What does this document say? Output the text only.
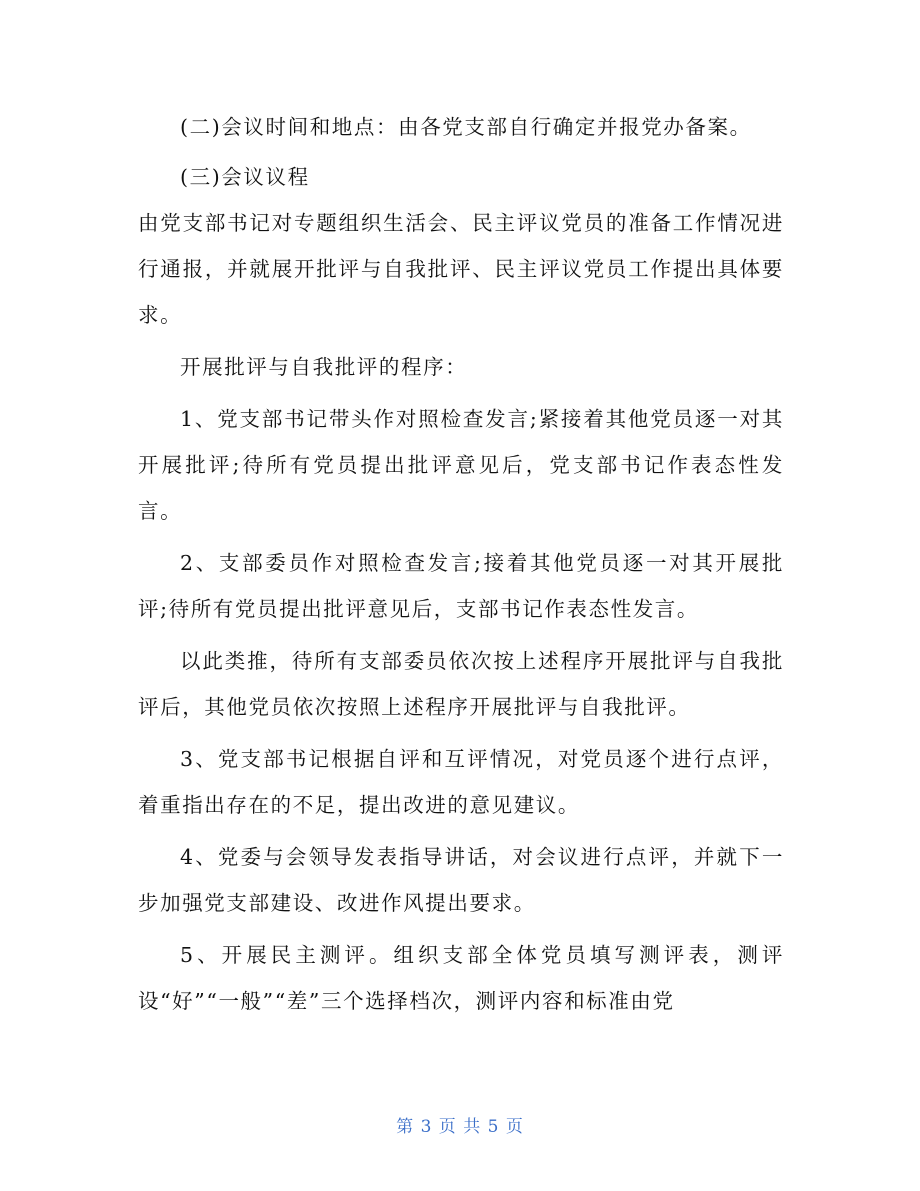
(二)会议时间和地点：由各党支部自行确定并报党办备案。

(三)会议议程

由党支部书记对专题组织生活会、民主评议党员的准备工作情况进行通报，并就展开批评与自我批评、民主评议党员工作提出具体要求。

开展批评与自我批评的程序：

1、党支部书记带头作对照检查发言;紧接着其他党员逐一对其开展批评;待所有党员提出批评意见后，党支部书记作表态性发言。

2、支部委员作对照检查发言;接着其他党员逐一对其开展批评;待所有党员提出批评意见后，支部书记作表态性发言。

以此类推，待所有支部委员依次按上述程序开展批评与自我批评后，其他党员依次按照上述程序开展批评与自我批评。

3、党支部书记根据自评和互评情况，对党员逐个进行点评，着重指出存在的不足，提出改进的意见建议。

4、党委与会领导发表指导讲话，对会议进行点评，并就下一步加强党支部建设、改进作风提出要求。

5、开展民主测评。组织支部全体党员填写测评表，测评设“好”“一般”“差”三个选择档次，测评内容和标准由党

第 3 页 共 5 页
